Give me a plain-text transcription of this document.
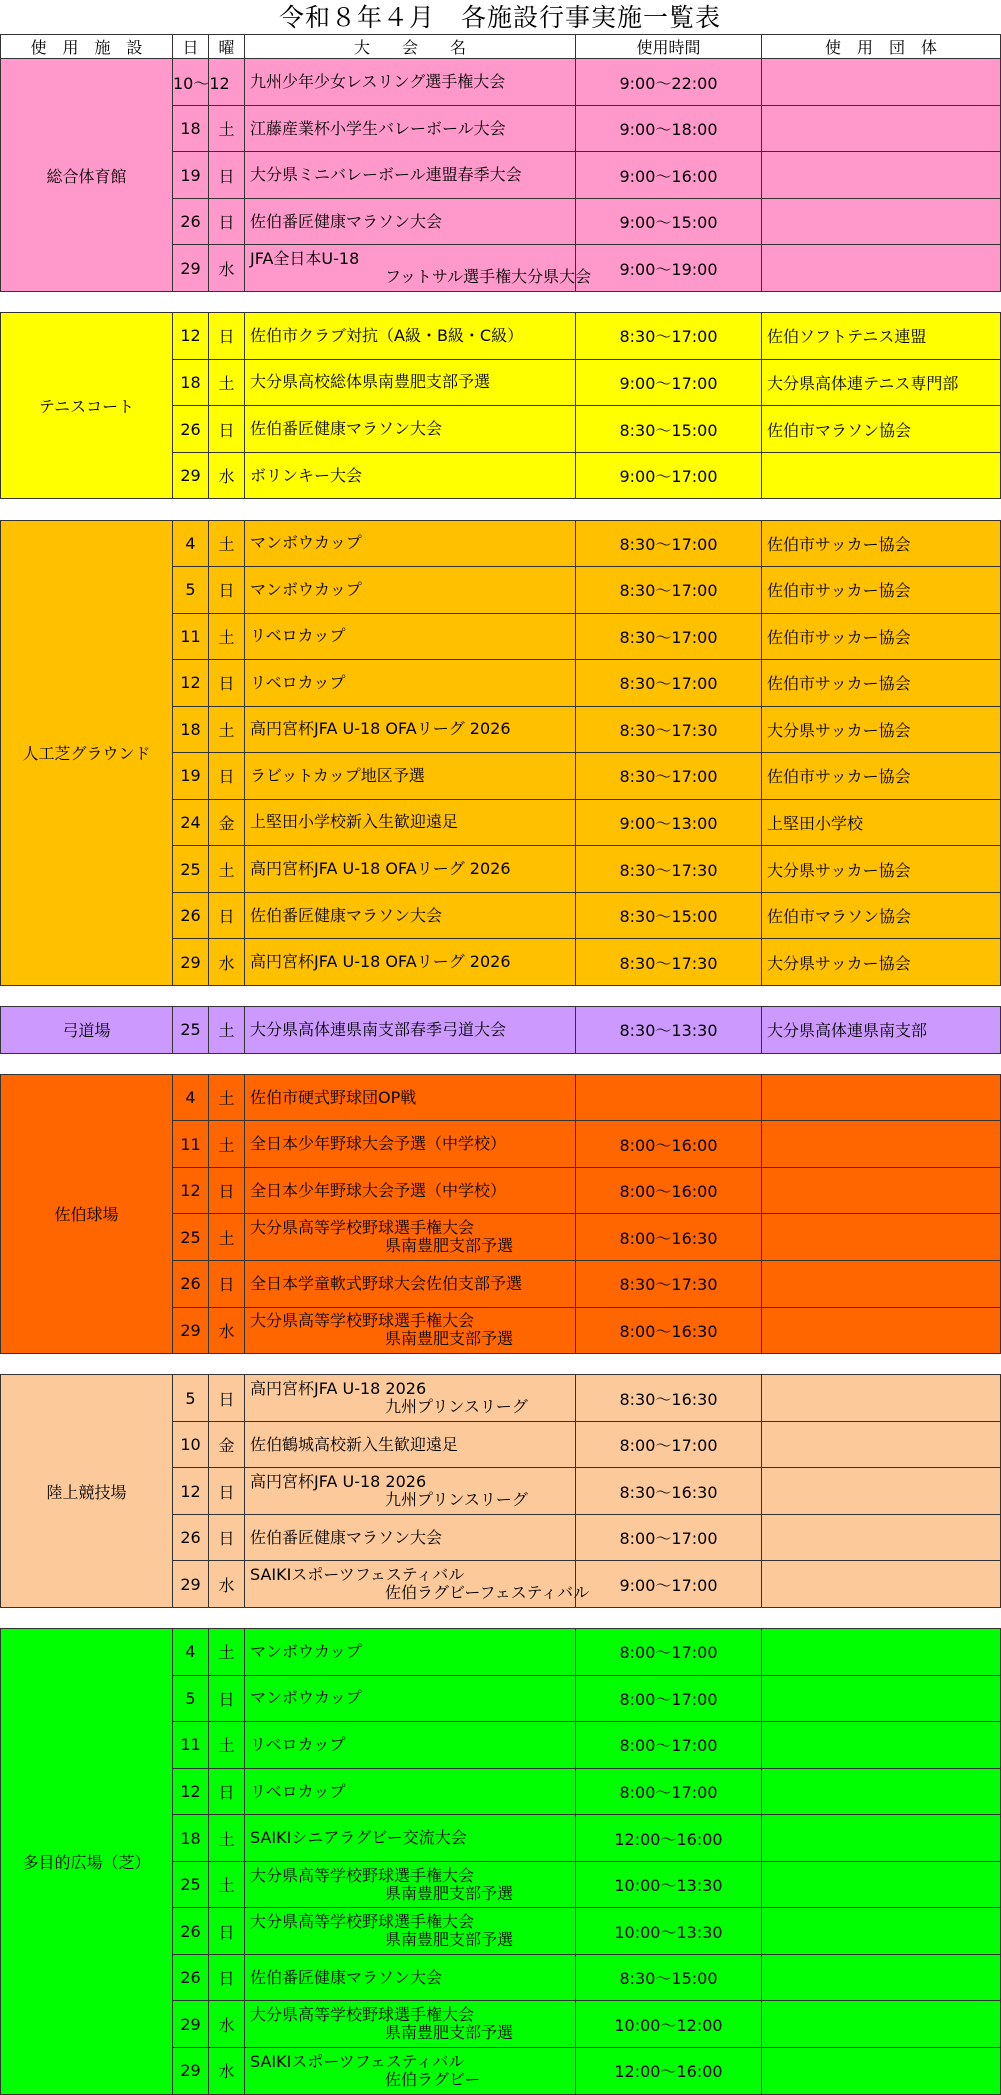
令和８年４月　各施設行事実施一覧表
使　用　施　設	日	曜	大　　会　　名	使用時間	使　用　団　体
総合体育館	10～12		九州少年少女レスリング選手権大会	9:00～22:00	
	18	土	江藤産業杯小学生バレーボール大会	9:00～18:00	
	19	日	大分県ミニバレーボール連盟春季大会	9:00～16:00	
	26	日	佐伯番匠健康マラソン大会	9:00～15:00	
	29	水	JFA全日本U-18
フットサル選手権大分県大会	9:00～19:00	

テニスコート	12	日	佐伯市クラブ対抗（A級・B級・C級）	8:30～17:00	佐伯ソフトテニス連盟
	18	土	大分県高校総体県南豊肥支部予選	9:00～17:00	大分県高体連テニス専門部
	26	日	佐伯番匠健康マラソン大会	8:30～15:00	佐伯市マラソン協会
	29	水	ボリンキー大会	9:00～17:00	

人工芝グラウンド	4	土	マンボウカップ	8:30～17:00	佐伯市サッカー協会
	5	日	マンボウカップ	8:30～17:00	佐伯市サッカー協会
	11	土	リベロカップ	8:30～17:00	佐伯市サッカー協会
	12	日	リベロカップ	8:30～17:00	佐伯市サッカー協会
	18	土	高円宮杯JFA U-18 OFAリーグ 2026	8:30～17:30	大分県サッカー協会
	19	日	ラビットカップ地区予選	8:30～17:00	佐伯市サッカー協会
	24	金	上堅田小学校新入生歓迎遠足	9:00～13:00	上堅田小学校
	25	土	高円宮杯JFA U-18 OFAリーグ 2026	8:30～17:30	大分県サッカー協会
	26	日	佐伯番匠健康マラソン大会	8:30～15:00	佐伯市マラソン協会
	29	水	高円宮杯JFA U-18 OFAリーグ 2026	8:30～17:30	大分県サッカー協会

弓道場	25	土	大分県高体連県南支部春季弓道大会	8:30～13:30	大分県高体連県南支部

佐伯球場	4	土	佐伯市硬式野球団OP戦		

	11	土	全日本少年野球大会予選（中学校）	8:00～16:00	
	12	日	全日本少年野球大会予選（中学校）	8:00～16:00	
	25	土	大分県高等学校野球選手権大会
県南豊肥支部予選	8:00～16:30	
	26	日	全日本学童軟式野球大会佐伯支部予選	8:30～17:30	
	29	水	大分県高等学校野球選手権大会
県南豊肥支部予選	8:00～16:30	

陸上競技場	5	日	高円宮杯JFA U-18 2026
九州プリンスリーグ	8:30～16:30	
	10	金	佐伯鶴城高校新入生歓迎遠足	8:00～17:00	
	12	日	高円宮杯JFA U-18 2026
九州プリンスリーグ	8:30～16:30	
	26	日	佐伯番匠健康マラソン大会	8:00～17:00	
	29	水	SAIKIスポーツフェスティバル
佐伯ラグビーフェスティバル	9:00～17:00	

多目的広場（芝）	4	土	マンボウカップ	8:00～17:00	
	5	日	マンボウカップ	8:00～17:00	
	11	土	リベロカップ	8:00～17:00	
	12	日	リベロカップ	8:00～17:00	
	18	土	SAIKIシニアラグビー交流大会	12:00～16:00	
	25	土	大分県高等学校野球選手権大会
県南豊肥支部予選	10:00～13:30	
	26	日	大分県高等学校野球選手権大会
県南豊肥支部予選	10:00～13:30	
	26	日	佐伯番匠健康マラソン大会	8:30～15:00	
	29	水	大分県高等学校野球選手権大会
県南豊肥支部予選	10:00～12:00	
	29	水	SAIKIスポーツフェスティバル
佐伯ラグビー	12:00～16:00	
